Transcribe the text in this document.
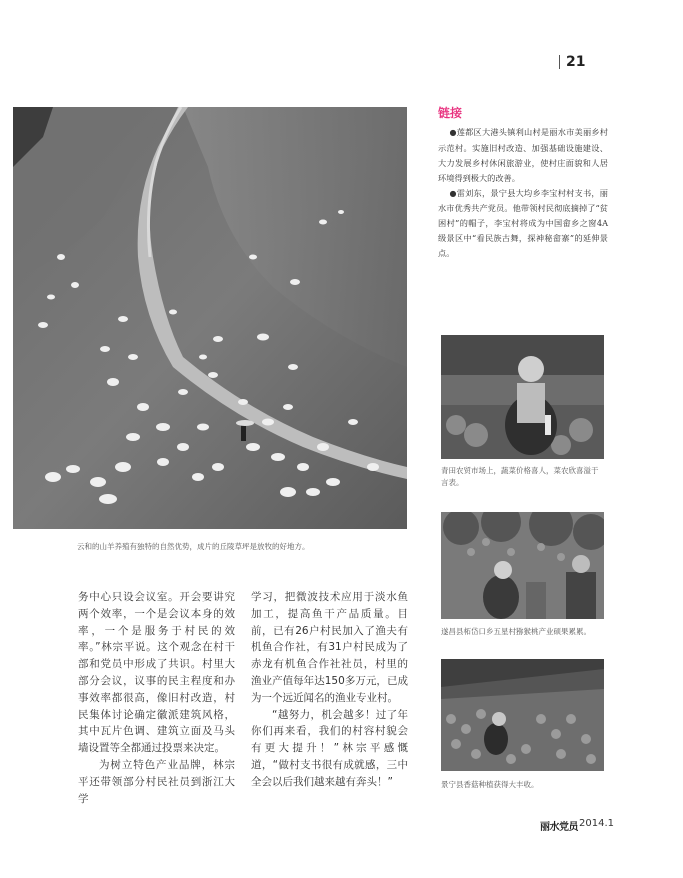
21
云和的山羊养殖有独特的自然优势，成片的丘陵草坪是放牧的好地方。
链接

●莲都区大港头镇利山村是丽水市美丽乡村示范村。实施旧村改造、加强基础设施建设、大力发展乡村休闲旅游业，使村庄面貌和人居环境得到极大的改善。

●雷刘东，景宁县大均乡李宝村村支书，丽水市优秀共产党员。他带领村民彻底摘掉了“贫困村”的帽子，李宝村将成为中国畲乡之窗4A级景区中“看民族古舞，探神秘畲寨”的延伸景点。

青田农贸市场上，蔬菜价格喜人，菜农欣喜溢于言表。
遂昌县柘岱口乡五星村猕猴桃产业硕果累累。
景宁县香菇种植获得大丰收。

务中心只设会议室。开会要讲究两个效率，一个是会议本身的效率，一个是服务于村民的效率。”林宗平说。这个观念在村干部和党员中形成了共识。村里大部分会议，议事的民主程度和办事效率都很高，像旧村改造，村民集体讨论确定徽派建筑风格，其中瓦片色调、建筑立面及马头墙设置等全都通过投票来决定。

为树立特色产业品牌，林宗平还带领部分村民社员到浙江大学

学习，把微波技术应用于淡水鱼加工，提高鱼干产品质量。目前，已有26户村民加入了渔夫有机鱼合作社，有31户村民成为了赤龙有机鱼合作社社员，村里的渔业产值每年达150多万元，已成为一个远近闻名的渔业专业村。

“越努力，机会越多！过了年你们再来看，我们的村容村貌会有更大提升！”林宗平感慨道，“做村支书很有成就感，三中全会以后我们越来越有奔头！”

丽水党员 2014.1
